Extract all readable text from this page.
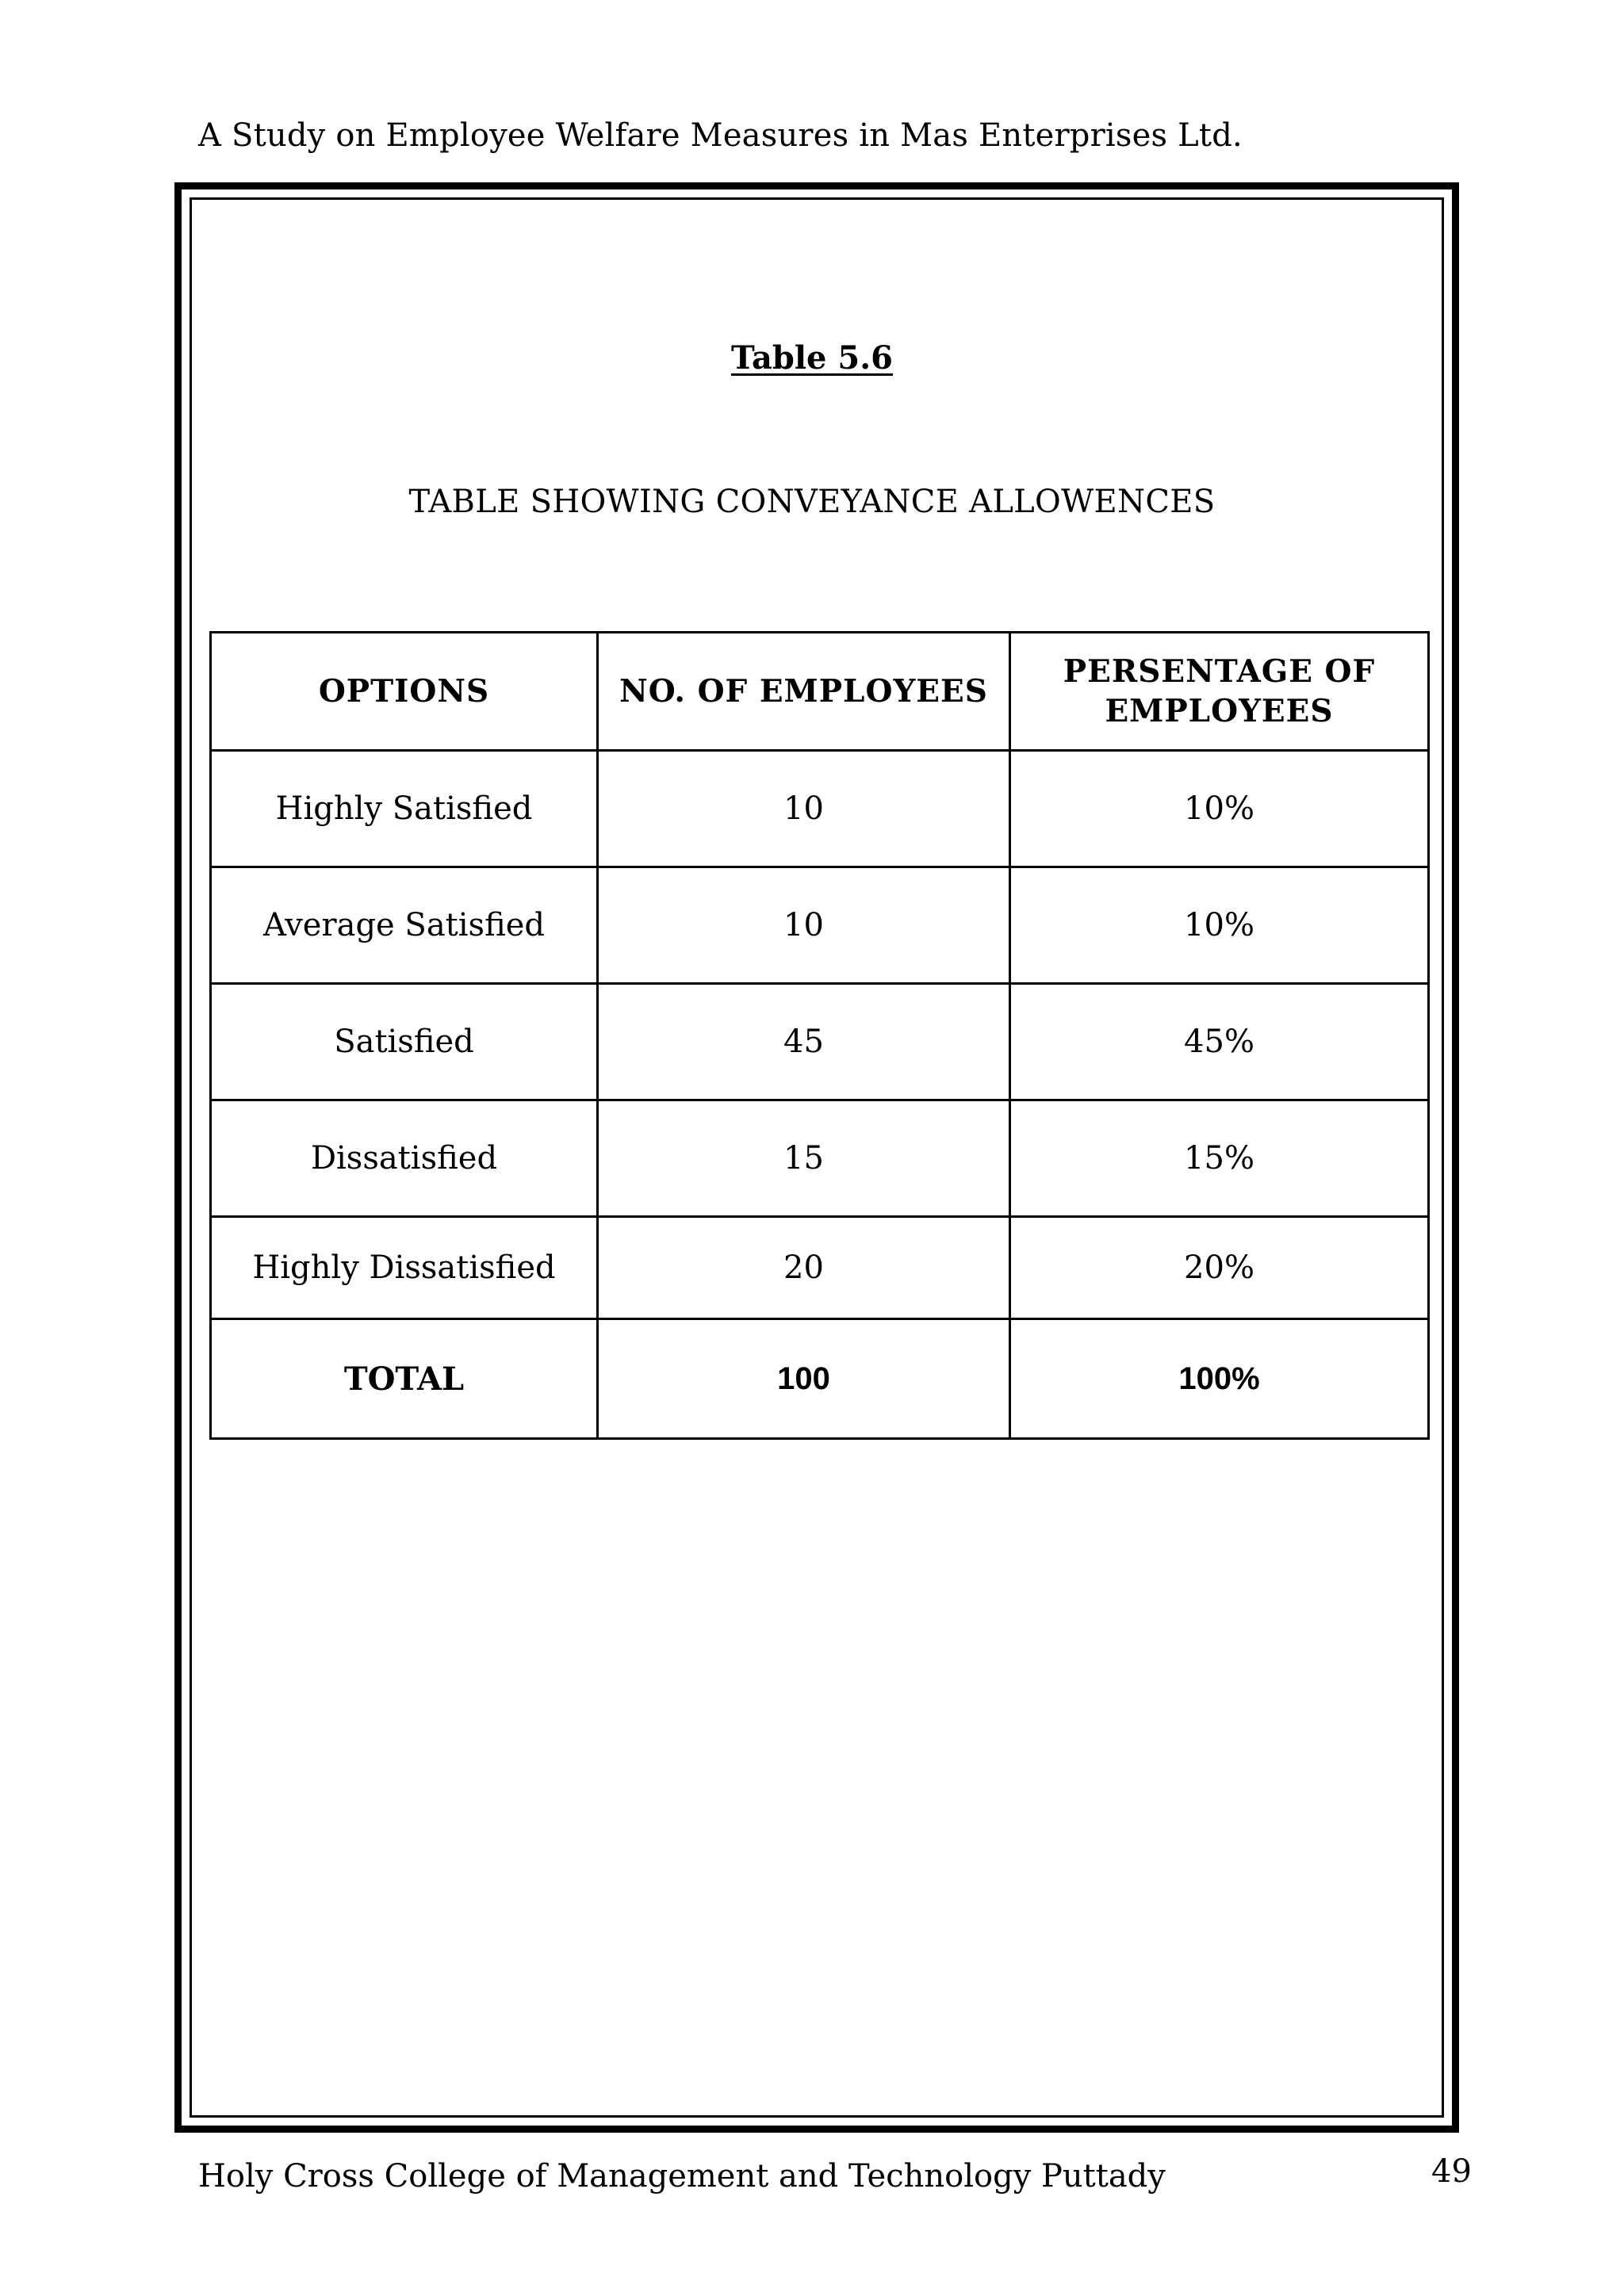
A Study on Employee Welfare Measures in Mas Enterprises Ltd.
Table 5.6
TABLE SHOWING CONVEYANCE ALLOWENCES
OPTIONS	NO. OF EMPLOYEES	PERSENTAGE OF EMPLOYEES
Highly Satisfied	10	10%
Average Satisfied	10	10%
Satisfied	45	45%
Dissatisfied	15	15%
Highly Dissatisfied	20	20%
TOTAL	100	100%
Holy Cross College of Management and Technology Puttady	49
